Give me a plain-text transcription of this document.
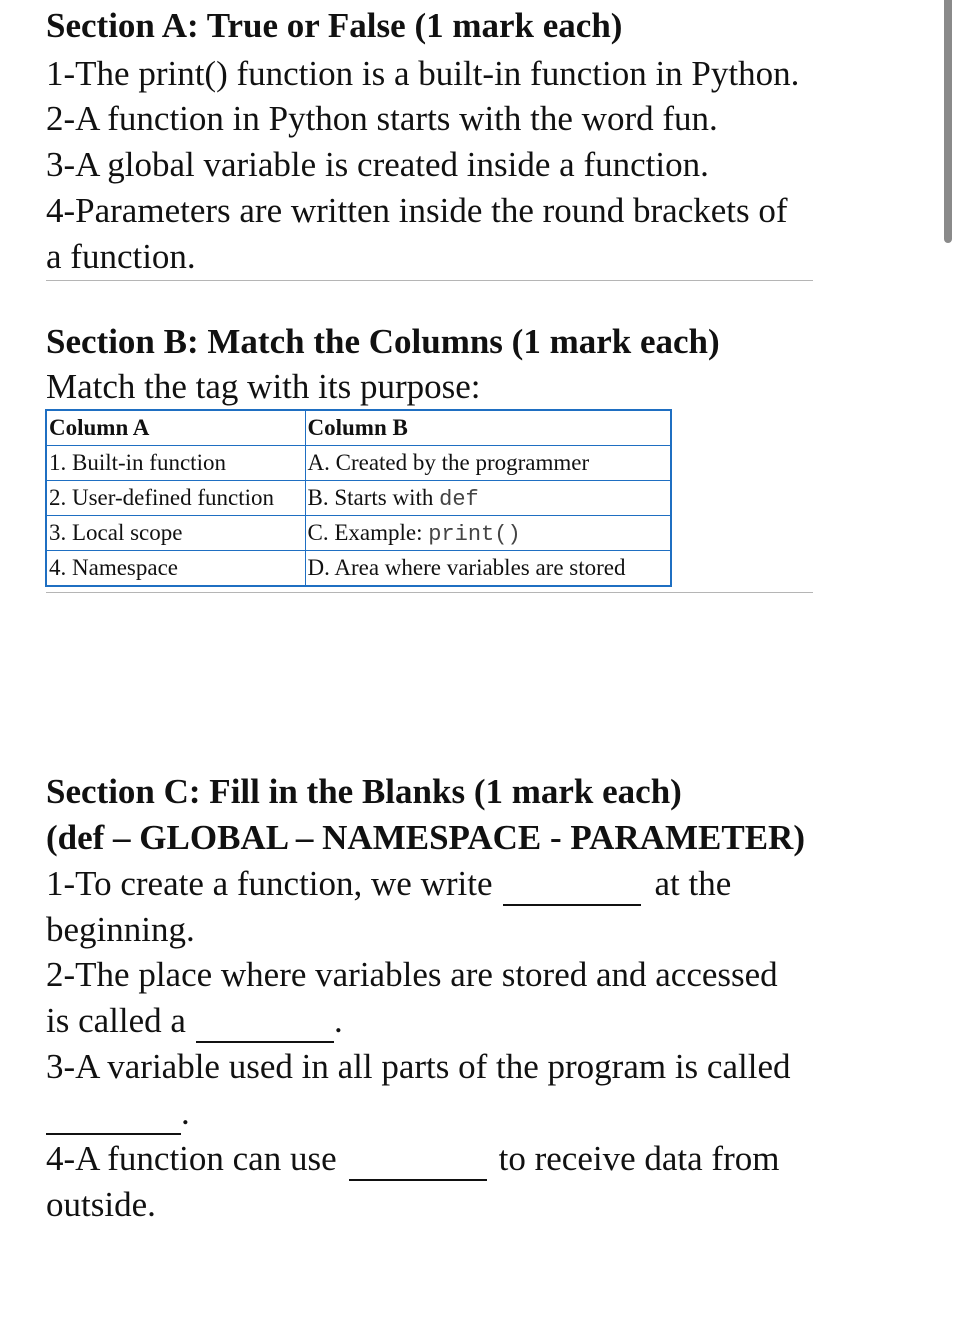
Section A: True or False (1 mark each)

1-The print() function is a built-in function in Python.

2-A function in Python starts with the word fun.

3-A global variable is created inside a function.

4-Parameters are written inside the round brackets of

a function.

Section B: Match the Columns (1 mark each)

Match the tag with its purpose:

Column A	Column B
1. Built-in function	A. Created by the programmer
2. User-defined function	B. Starts with def
3. Local scope	C. Example: print()
4. Namespace	D. Area where variables are stored
Section C: Fill in the Blanks (1 mark each)
(def – GLOBAL – NAMESPACE - PARAMETER)

1-To create a function, we write	at the

beginning.

2-The place where variables are stored and accessed

is called a	.

3-A variable used in all parts of the program is called

.

4-A function can use	to receive data from

outside.
